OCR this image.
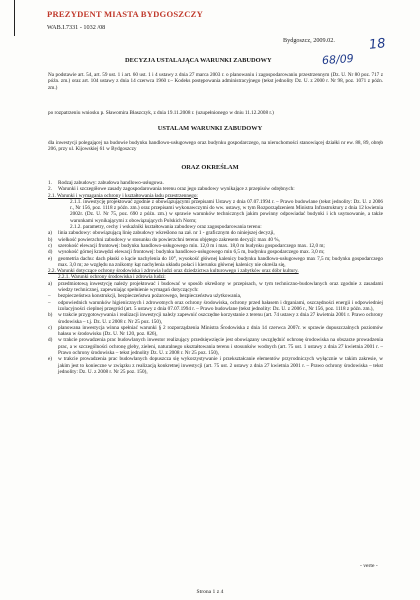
PREZYDENT MIASTA BYDGOSZCZY
WAB.I.7331 - 1032 /08
Bydgoszcz, 2009.02.	18
68/09
DECYZJA USTALAJĄCA WARUNKI ZABUDOWY
Na podstawie art. 54, art. 59 ust. 1 i art. 60 ust. 1 i 4 ustawy z dnia 27 marca 2003 r. o planowaniu i zagospodarowaniu przestrzennym (Dz. U. Nr 80 poz. 717 z późn. zm.) oraz art. 104 ustawy z dnia 14 czerwca 1960 r.– Kodeks postępowania administracyjnego (tekst jednolity Dz. U. z 2000 r. Nr 98, poz. 1071 z późn. zm.)
po rozpatrzeniu wniosku p. Sławomira Błaszczyk, z dnia 19.11.2008 r. (uzupełnionego w dniu 11.12.2008 r.)
USTALAM WARUNKI ZABUDOWY
dla inwestycji polegającej na budowie budynku handlowo-usługowego oraz budynku gospodarczego, na nieruchomości stanowiącej działki nr ew. 88, 89, obręb 206, przy ul. Kijowskiej 61 w Bydgoszczy
ORAZ OKREŚLAM
1. Rodzaj zabudowy: zabudowa handlowo-usługowa.
2. Warunki i szczegółowe zasady zagospodarowania terenu oraz jego zabudowy wynikające z przepisów odrębnych:
2.1. Warunki i wymagania ochrony i kształtowania ładu przestrzennego:
2.1.1. inwestycję projektować zgodnie z obowiązującymi przepisami Ustawy z dnia 07.07.1994 r. – Prawo budowlane (tekst jednolity: Dz. U. z 2006 r., Nr 156, poz. 1118 z późn. zm.) oraz przepisami wykonawczymi do ww. ustawy, w tym Rozporządzeniem Ministra Infrastruktury z dnia 12 kwietnia 2002r. (Dz. U. Nr 75, poz. 690 z późn. zm.) w sprawie warunków technicznych jakim powinny odpowiadać budynki i ich usytuowanie, a także warunkami wynikającymi z obowiązujących Polskich Norm;
2.1.2. parametry, cechy i wskaźniki kształtowania zabudowy oraz zagospodarowania terenu:
a) linia zabudowy: obowiązującą linię zabudowy wkreślono na zał. nr 1 - graficznym do niniejszej decyzji,
b) wielkość powierzchni zabudowy w stosunku do powierzchni terenu objętego zakresem decyzji: max 40 %,
c) szerokość elewacji frontowej: budynku handlowo-usługowego min. 12,0 m i max. 18,0 m budynku gospodarczego max. 12,0 m;
d) wysokość górnej krawędzi elewacji frontowej: budynku handlowo-usługowego min 6,5 m, budynku gospodarczego max. 3,0 m;
e) geometria dachu: dach płaski o kącie nachylenia do 10°, wysokość głównej kalenicy budynku handlowo-usługowego max 7,5 m; budynku gospodarczego max. 3,0 m; ze względu na znikomy kąt nachylenia układu połaci i kierunku głównej kalenicy nie określa się,
2.2. Warunki dotyczące ochrony środowiska i zdrowia ludzi oraz dziedzictwa kulturowego i zabytków oraz dóbr kultury.
2.2.1. Warunki ochrony środowiska i zdrowia ludzi:
a) przedmiotową inwestycję należy projektować i budować w sposób określony w przepisach, w tym techniczno-budowlanych oraz zgodnie z zasadami wiedzy technicznej, zapewniając spełnienie wymagań dotyczących:
– bezpieczeństwa konstrukcji, bezpieczeństwa pożarowego, bezpieczeństwa użytkowania,
– odpowiednich warunków higienicznych i zdrowotnych oraz ochrony środowiska, ochrony przed hałasem i drganiami, oszczędności energii i odpowiedniej izolacyjności cieplnej przegród (art. 5 ustawy z dnia 07.07.1994 r. – Prawo budowlane (tekst jednolity: Dz. U. z 2006 r., Nr 156, poz. 1118 z późn. zm.),
b) w trakcie przygotowywania i realizacji inwestycji należy zapewnić oszczędne korzystanie z terenu (art. 74 ustawy z dnia 27 kwietnia 2001 r. Prawo ochrony środowiska – t.j. Dz. U. z 2008 r. Nr 25 poz. 150),
c) planowana inwestycja winna spełniać warunki § 2 rozporządzenia Ministra Środowiska z dnia 14 czerwca 2007r. w sprawie dopuszczalnych poziomów hałasu w środowisku (Dz. U. Nr 120, poz. 826),
d) w trakcie prowadzenia prac budowlanych inwestor realizujący przedsięwzięcie jest obowiązany uwzględnić ochronę środowiska na obszarze prowadzenia prac, a w szczególności ochronę gleby, zieleni, naturalnego ukształtowania terenu i stosunków wodnych (art. 75 ust. 1 ustawy z dnia 27 kwietnia 2001 r. – Prawo ochrony środowiska – tekst jednolity Dz. U. z 2008 r. Nr 25 poz. 150),
e) w trakcie prowadzenia prac budowlanych dopuszcza się wykorzystywanie i przekształcanie elementów przyrodniczych wyłącznie w takim zakresie, w jakim jest to konieczne w związku z realizacją konkretnej inwestycji (art. 75 ust. 2 ustawy z dnia 27 kwietnia 2001 r. – Prawo ochrony środowiska – tekst jednolity: Dz. U. z 2008 r. Nr 25 poz. 150),
- verte -
Strona 1 z 4
